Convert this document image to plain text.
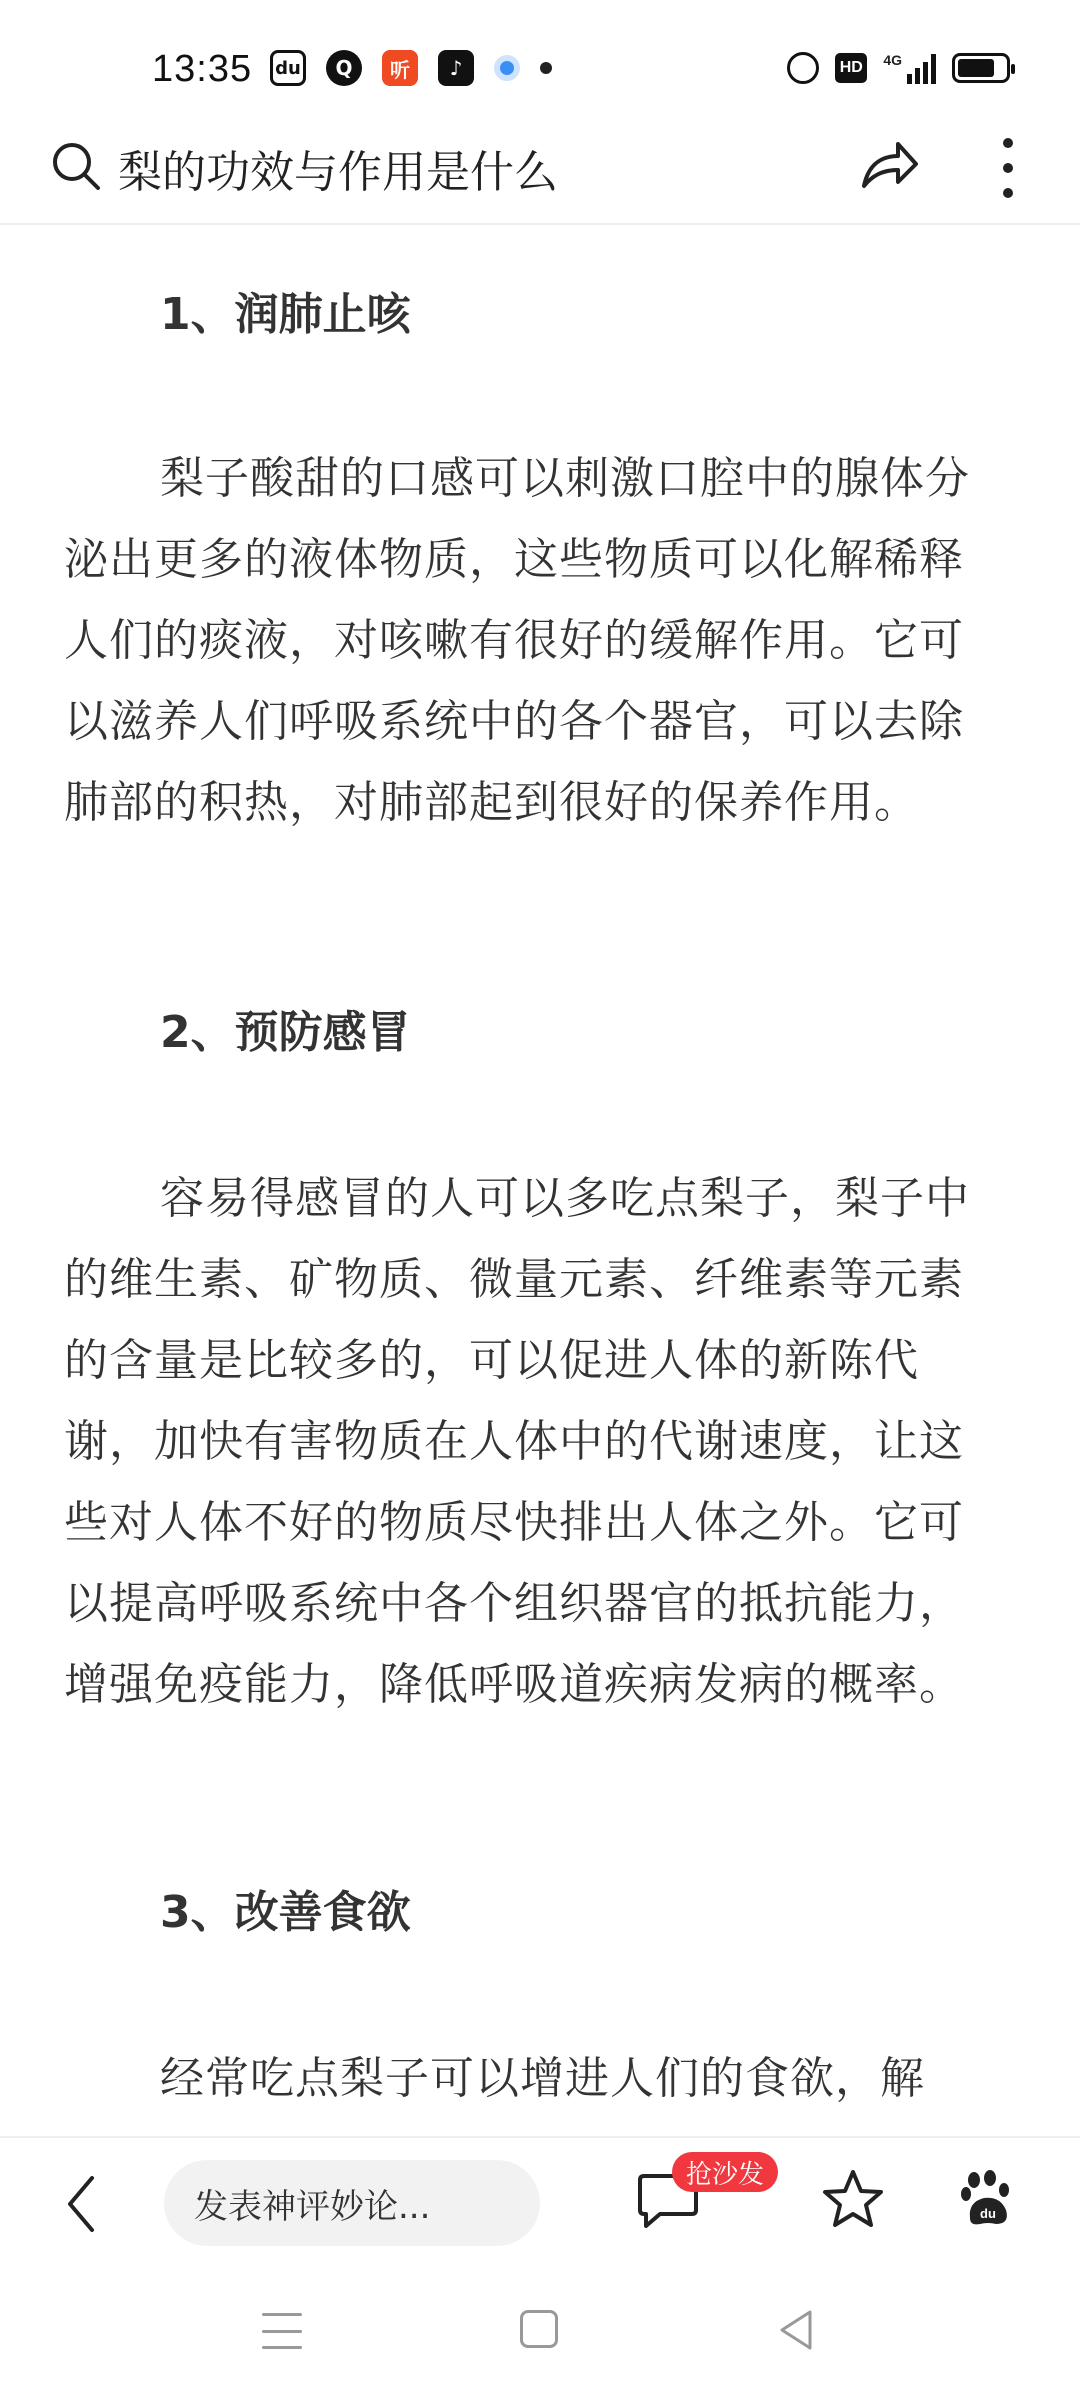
13:35 du	Q	听	♪	HD	4G
梨的功效与作用是什么
1、润肺止咳
梨子酸甜的口感可以刺激口腔中的腺体分泌出更多的液体物质，这些物质可以化解稀释人们的痰液，对咳嗽有很好的缓解作用。它可以滋养人们呼吸系统中的各个器官，可以去除肺部的积热，对肺部起到很好的保养作用。
2、预防感冒
容易得感冒的人可以多吃点梨子，梨子中的维生素、矿物质、微量元素、纤维素等元素的含量是比较多的，可以促进人体的新陈代谢，加快有害物质在人体中的代谢速度，让这些对人体不好的物质尽快排出人体之外。它可以提高呼吸系统中各个组织器官的抵抗能力，增强免疫能力，降低呼吸道疾病发病的概率。
3、改善食欲
经常吃点梨子可以增进人们的食欲，解
发表神评妙论...
抢沙发
du
